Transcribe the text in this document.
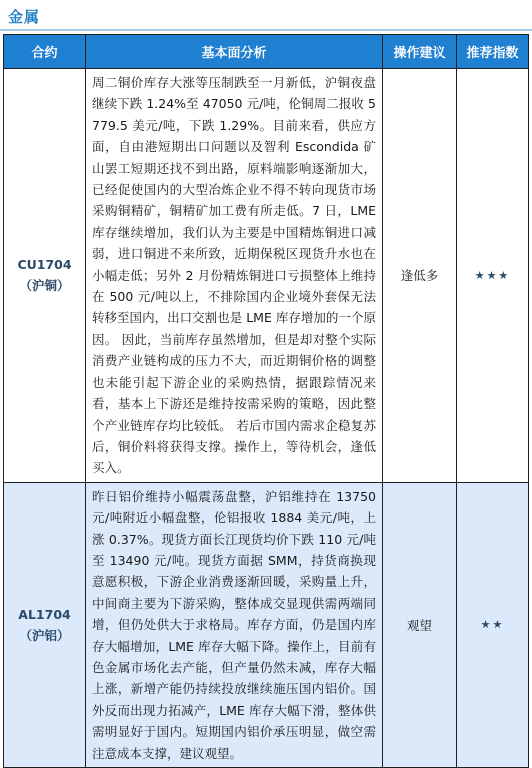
金属
合约	基本面分析	操作建议	推荐指数

CU1704
（沪铜）	周二铜价库存大涨等压制跌至一月新低，沪铜夜盘继续下跌 1.24%至 47050 元/吨，伦铜周二报收 5779.5 美元/吨，下跌 1.29%。目前来看，供应方面，自由港短期出口问题以及智利 Escondida 矿山罢工短期还找不到出路，原料端影响逐渐加大，已经促使国内的大型冶炼企业不得不转向现货市场采购铜精矿，铜精矿加工费有所走低。7 日，LME 库存继续增加，我们认为主要是中国精炼铜进口减弱，进口铜进不来所致，近期保税区现货升水也在小幅走低；另外 2 月份精炼铜进口亏损整体上维持在 500 元/吨以上，不排除国内企业境外套保无法转移至国内，出口交割也是 LME 库存增加的一个原因。 因此，当前库存虽然增加，但是却对整个实际消费产业链构成的压力不大，而近期铜价格的调整也未能引起下游企业的采购热情，据跟踪情况来看，基本上下游还是维持按需采购的策略，因此整个产业链库存均比较低。 若后市国内需求企稳复苏后，铜价料将获得支撑。操作上，等待机会，逢低买入。	逢低多	★★★

AL1704
（沪铝）	昨日铝价维持小幅震荡盘整，沪铝维持在 13750 元/吨附近小幅盘整，伦铝报收 1884 美元/吨，上涨 0.37%。现货方面长江现货均价下跌 110 元/吨至 13490 元/吨。现货方面据 SMM，持货商换现意愿积极，下游企业消费逐渐回暖，采购量上升，中间商主要为下游采购，整体成交显现供需两端同增，但仍处供大于求格局。库存方面，仍是国内库存大幅增加，LME 库存大幅下降。操作上，目前有色金属市场化去产能，但产量仍然未减，库存大幅上涨，新增产能仍持续投放继续施压国内铝价。国外反而出现力拓减产，LME 库存大幅下滑，整体供需明显好于国内。短期国内铝价承压明显，做空需注意成本支撑，建议观望。	观望	★★
